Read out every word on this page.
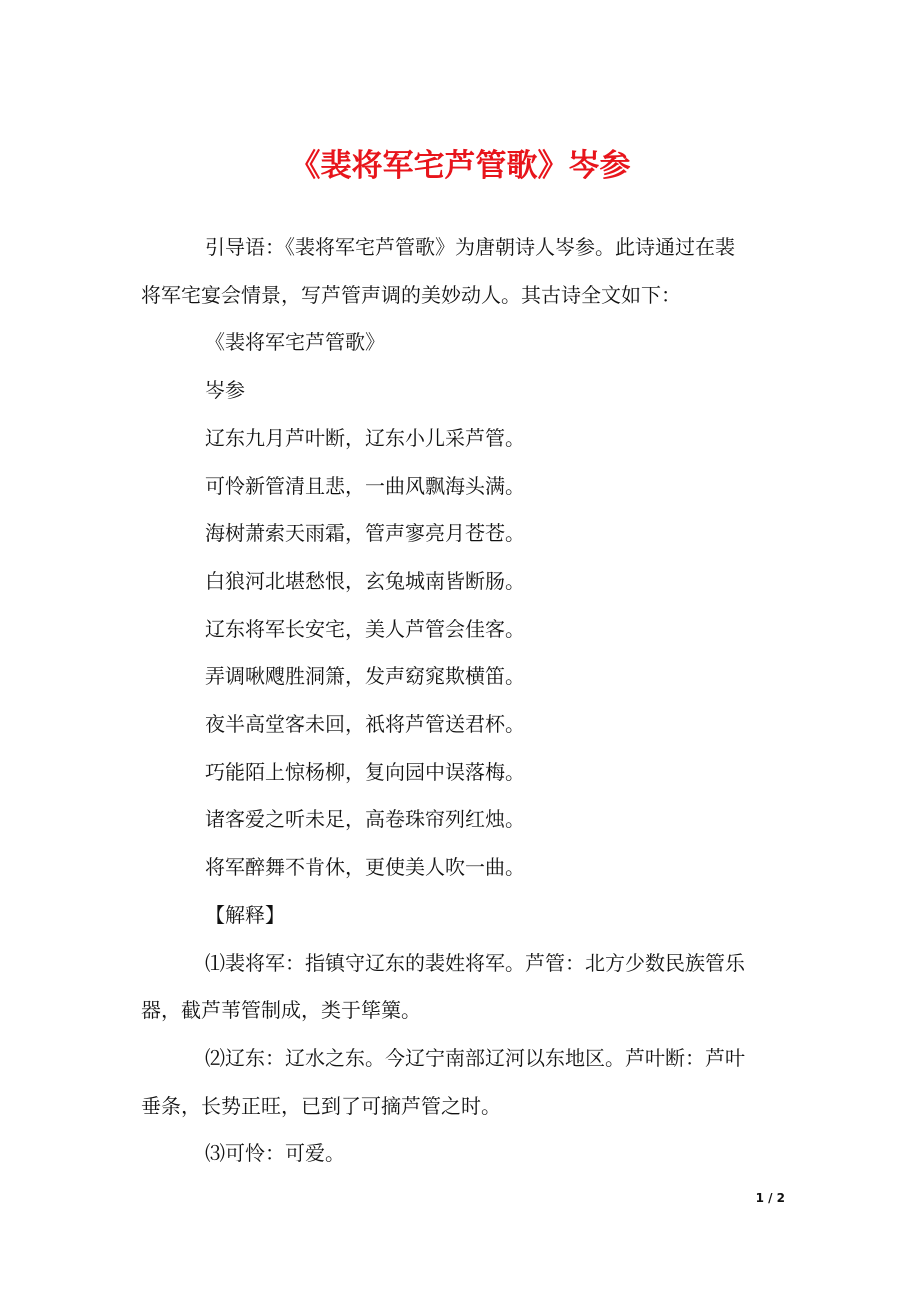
《裴将军宅芦管歌》岑参

引导语：《裴将军宅芦管歌》为唐朝诗人岑参。此诗通过在裴
将军宅宴会情景，写芦管声调的美妙动人。其古诗全文如下：

《裴将军宅芦管歌》

岑参

辽东九月芦叶断，辽东小儿采芦管。

可怜新管清且悲，一曲风飘海头满。

海树萧索天雨霜，管声寥亮月苍苍。

白狼河北堪愁恨，玄兔城南皆断肠。

辽东将军长安宅，美人芦管会佳客。

弄调啾飕胜洞箫，发声窈窕欺横笛。

夜半高堂客未回，祇将芦管送君杯。

巧能陌上惊杨柳，复向园中误落梅。

诸客爱之听未足，高卷珠帘列红烛。

将军醉舞不肯休，更使美人吹一曲。

【解释】

⑴裴将军：指镇守辽东的裴姓将军。芦管：北方少数民族管乐
器，截芦苇管制成，类于筚篥。

⑵辽东：辽水之东。今辽宁南部辽河以东地区。芦叶断：芦叶
垂条，长势正旺，已到了可摘芦管之时。

⑶可怜：可爱。

1 / 2
